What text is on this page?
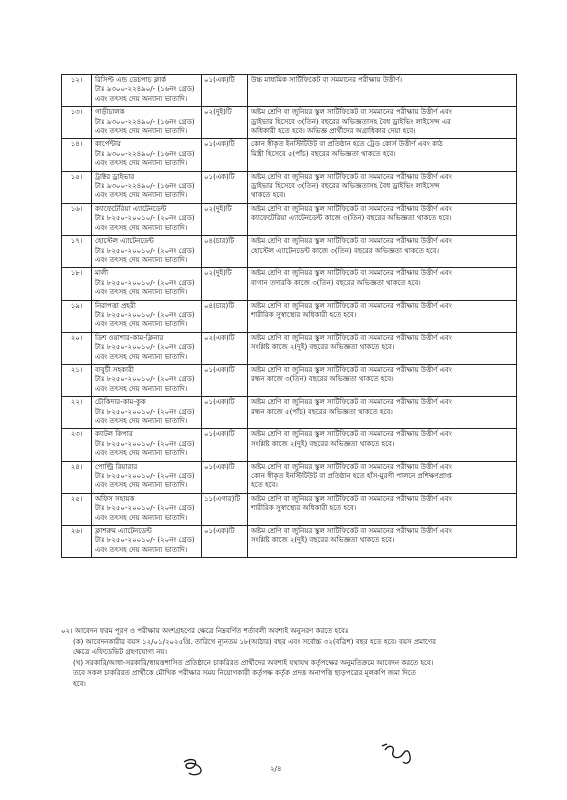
১২।	রিসিপ্ট এন্ড ডেচপাচ ক্লার্ক
টাঃ ৯৩০০-২২৪৯০/- (১৬নং গ্রেড)
এবং তৎসহ দেয় অন্যান্য ভাতাদি।	০১(এক)টি	উচ্চ মাধ্যমিক সার্টিফিকেট বা সমমানের পরীক্ষায় উত্তীর্ণ।

১৩।	গাড়ীচালক
টাঃ ৯৩০০-২২৪৯০/- (১৬নং গ্রেড)
এবং তৎসহ দেয় অন্যান্য ভাতাদি।	০২(দুই)টি	অষ্টম শ্রেণি বা জুনিয়র স্কুল সার্টিফিকেট বা সমমানের পরীক্ষায় উত্তীর্ণ এবং
ড্রাইভার হিসেবে ৩(তিন) বছরের অভিজ্ঞতাসহ বৈধ ড্রাইভিং লাইসেন্স এর
অধিকারী হতে হবে। অভিজ্ঞ প্রার্থীদের অগ্রাধিকার দেয়া হবে।

১৪।	কার্পেন্টার
টাঃ ৯৩০০-২২৪৯০/- (১৬নং গ্রেড)
এবং তৎসহ দেয় অন্যান্য ভাতাদি।	০১(এক)টি	কোন স্বীকৃত ইনস্টিটিউট বা প্রতিষ্ঠান হতে ট্রেড কোর্স উত্তীর্ণ এবং কাঠ
মিস্ত্রী হিসেবে ৫(পাঁচ) বছরের অভিজ্ঞতা থাকতে হবে।

১৫।	ট্রাক্টর ড্রাইভার
টাঃ ৯৩০০-২২৪৯০/- (১৬নং গ্রেড)
এবং তৎসহ দেয় অন্যান্য ভাতাদি।	০১(এক)টি	অষ্টম শ্রেণি বা জুনিয়র স্কুল সার্টিফিকেট বা সমমানের পরীক্ষায় উত্তীর্ণ এবং
ড্রাইভার হিসেবে ৩(তিন) বছরের অভিজ্ঞতাসহ বৈধ ড্রাইভিং লাইসেন্স
থাকতে হবে।

১৬।	ক্যাফেটেরিয়া এ্যাটেনডেন্ট
টাঃ ৮২৫০-২০০১০/- (২০নং গ্রেড)
এবং তৎসহ দেয় অন্যান্য ভাতাদি।	০২(দুই)টি	অষ্টম শ্রেণি বা জুনিয়র স্কুল সার্টিফিকেট বা সমমানের পরীক্ষায় উত্তীর্ণ এবং
ক্যাফেটেরিয়া এ্যাটেনডেন্ট কাজে ৩(তিন) বছরের অভিজ্ঞতা থাকতে হবে।

১৭।	হোস্টেল এ্যাটেনডেন্ট
টাঃ ৮২৫০-২০০১০/- (২০নং গ্রেড)
এবং তৎসহ দেয় অন্যান্য ভাতাদি।	০৪(চার)টি	অষ্টম শ্রেণি বা জুনিয়র স্কুল সার্টিফিকেট বা সমমানের পরীক্ষায় উত্তীর্ণ এবং
হোস্টেল এ্যাটেনডেন্ট কাজে ৩(তিন) বছরের অভিজ্ঞতা থাকতে হবে।

১৮।	মালী
টাঃ ৮২৫০-২০০১০/- (২০নং গ্রেড)
এবং তৎসহ দেয় অন্যান্য ভাতাদি।	০২(দুই)টি	অষ্টম শ্রেণি বা জুনিয়র স্কুল সার্টিফিকেট বা সমমানের পরীক্ষায় উত্তীর্ণ এবং
বাগান তদারকি কাজে ৩(তিন) বছরের অভিজ্ঞতা থাকতে হবে।

১৯।	নিরাপত্তা প্রহরী
টাঃ ৮২৫০-২০০১০/- (২০নং গ্রেড)
এবং তৎসহ দেয় অন্যান্য ভাতাদি।	০৪(চার)টি	অষ্টম শ্রেণি বা জুনিয়র স্কুল সার্টিফিকেট বা সমমানের পরীক্ষায় উত্তীর্ণ এবং
শারীরিক সুস্বাস্থ্যের অধিকারী হতে হবে।

২০।	ডিশ ওয়াশার-কাম-ক্লিনার
টাঃ ৮২৫০-২০০১০/- (২০নং গ্রেড)
এবং তৎসহ দেয় অন্যান্য ভাতাদি।	০২(এক)টি	অষ্টম শ্রেণি বা জুনিয়র স্কুল সার্টিফিকেট বা সমমানের পরীক্ষায় উত্তীর্ণ এবং
সংশ্লিষ্ট কাজে ২(দুই) বছরের অভিজ্ঞতা থাকতে হবে।

২১।	বাবুর্চী সহকারী
টাঃ ৮২৫০-২০০১০/- (২০নং গ্রেড)
এবং তৎসহ দেয় অন্যান্য ভাতাদি।	০১(এক)টি	অষ্টম শ্রেণি বা জুনিয়র স্কুল সার্টিফিকেট বা সমমানের পরীক্ষায় উত্তীর্ণ এবং
রন্ধন কাজে ৩(তিন) বছরের অভিজ্ঞতা থাকতে হবে।

২২।	চৌকিদার-কাম-কুক
টাঃ ৮২৫০-২০০১০/- (২০নং গ্রেড)
এবং তৎসহ দেয় অন্যান্য ভাতাদি।	০১(এক)টি	অষ্টম শ্রেণি বা জুনিয়র স্কুল সার্টিফিকেট বা সমমানের পরীক্ষায় উত্তীর্ণ এবং
রন্ধন কাজে ৫(পাঁচ) বছরের অভিজ্ঞতা থাকতে হবে।

২৩।	ক্যাটল কিপার
টাঃ ৮২৫০-২০০১০/- (২০নং গ্রেড)
এবং তৎসহ দেয় অন্যান্য ভাতাদি।	০১(এক)টি	অষ্টম শ্রেণি বা জুনিয়র স্কুল সার্টিফিকেট বা সমমানের পরীক্ষায় উত্তীর্ণ এবং
সংশ্লিষ্ট কাজে ২(দুই) বছরের অভিজ্ঞতা থাকতে হবে।

২৪।	পোল্ট্রি রিয়ারার
টাঃ ৮২৫০-২০০১০/- (২০নং গ্রেড)
এবং তৎসহ দেয় অন্যান্য ভাতাদি।	০১(এক)টি	অষ্টম শ্রেণি বা জুনিয়র স্কুল সার্টিফিকেট বা সমমানের পরীক্ষায় উত্তীর্ণ এবং
কোন স্বীকৃত ইনস্টিটিউট বা প্রতিষ্ঠান হতে হাঁস-মুরগী পালনে প্রশিক্ষণপ্রাপ্ত
হতে হবে।

২৫।	অফিস সহায়ক
টাঃ ৮২৫০-২০০১০/- (২০নং গ্রেড)
এবং তৎসহ দেয় অন্যান্য ভাতাদি।	১১(এগার)টি	অষ্টম শ্রেণি বা জুনিয়র স্কুল সার্টিফিকেট বা সমমানের পরীক্ষায় উত্তীর্ণ এবং
শারীরিক সুস্বাস্থ্যের অধিকারী হতে হবে।

২৬।	ক্লাশরুম এ্যাটেনডেন্ট
টাঃ ৮২৫০-২০০১০/- (২০নং গ্রেড)
এবং তৎসহ দেয় অন্যান্য ভাতাদি।	০১(এক)টি	অষ্টম শ্রেণি বা জুনিয়র স্কুল সার্টিফিকেট বা সমমানের পরীক্ষায় উত্তীর্ণ এবং
সংশ্লিষ্ট কাজে ২(দুই) বছরের অভিজ্ঞতা থাকতে হবে।

০২। আবেদন ফরম পূরণ ও পরীক্ষায় অংশগ্রহণের ক্ষেত্রে নিম্নবর্ণিত শর্তাবলী অবশ্যই অনুসরণ করতে হবেঃ

(ক) আবেদনকারীর বয়স ১২/০১/২০২৫খ্রি. তারিখে ন্যূনতম ১৮(আঠার) বছর এবং সর্বোচ্চ ৩২(বত্রিশ) বছর হতে হবে। বয়স প্রমাণের
ক্ষেত্রে এফিডেভিট গ্রহণযোগ্য নয়।

(খ) সরকারি/আধা-সরকারি/স্বায়ত্তশাসিত প্রতিষ্ঠানে চাকরিরত প্রার্থীদের অবশ্যই যথাযথ কর্তৃপক্ষের অনুমতিক্রমে আবেদন করতে হবে।
তবে সকল চাকরিরত প্রার্থীকে মৌখিক পরীক্ষার সময় নিয়োগকারী কর্তৃপক্ষ কর্তৃক প্রদত্ত অনাপত্তি ছাড়পত্রের মূলকপি জমা দিতে
হবে।

২/৪
